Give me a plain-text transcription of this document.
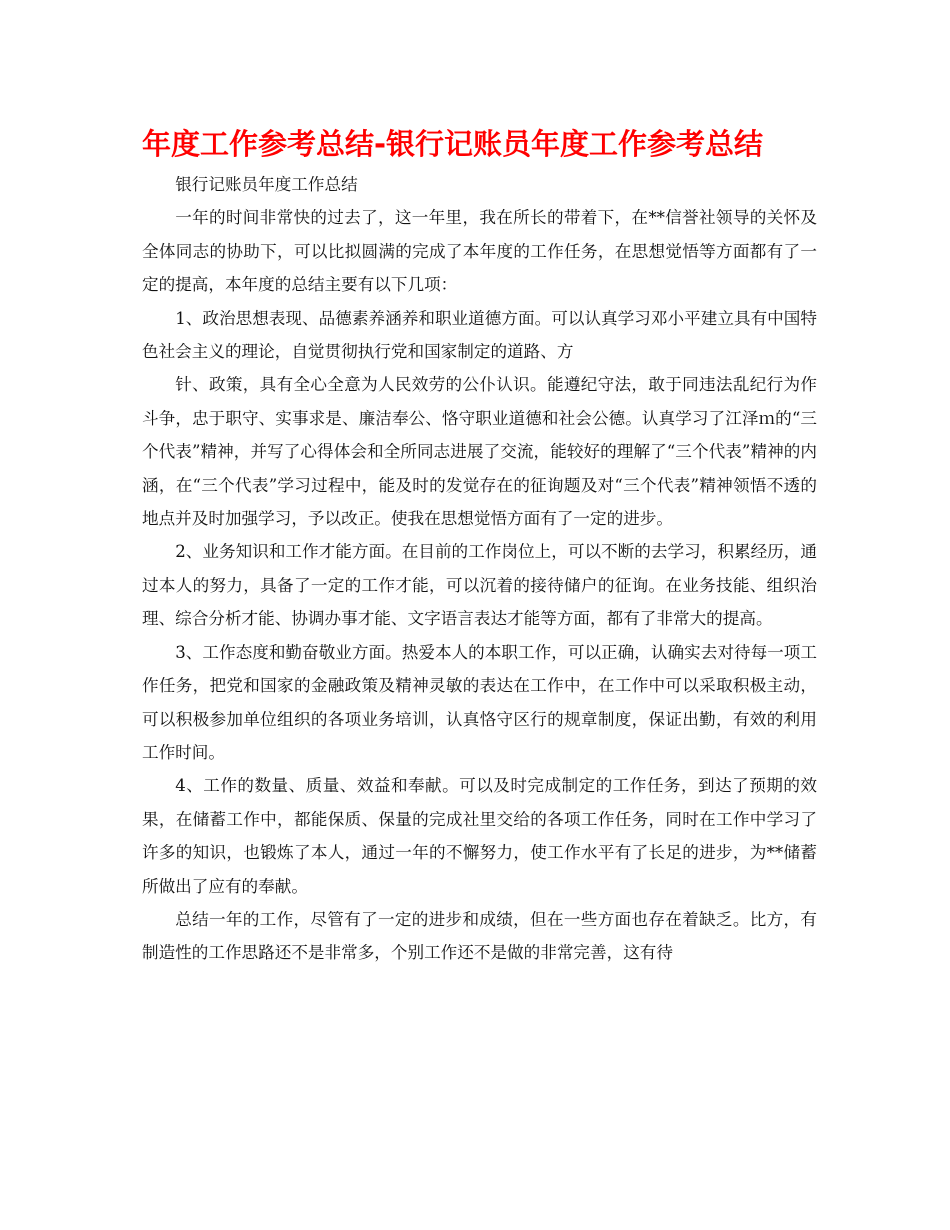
年度工作参考总结-银行记账员年度工作参考总结

银行记账员年度工作总结

一年的时间非常快的过去了，这一年里，我在所长的带着下，在**信誉社领导的关怀及全体同志的协助下，可以比拟圆满的完成了本年度的工作任务，在思想觉悟等方面都有了一定的提高，本年度的总结主要有以下几项：

1、政治思想表现、品德素养涵养和职业道德方面。可以认真学习邓小平建立具有中国特色社会主义的理论，自觉贯彻执行党和国家制定的道路、方

针、政策，具有全心全意为人民效劳的公仆认识。能遵纪守法，敢于同违法乱纪行为作斗争，忠于职守、实事求是、廉洁奉公、恪守职业道德和社会公德。认真学习了江泽ｍ的“三个代表”精神，并写了心得体会和全所同志进展了交流，能较好的理解了“三个代表”精神的内涵，在“三个代表”学习过程中，能及时的发觉存在的征询题及对“三个代表”精神领悟不透的地点并及时加强学习，予以改正。使我在思想觉悟方面有了一定的进步。

2、业务知识和工作才能方面。在目前的工作岗位上，可以不断的去学习，积累经历，通过本人的努力，具备了一定的工作才能，可以沉着的接待储户的征询。在业务技能、组织治理、综合分析才能、协调办事才能、文字语言表达才能等方面，都有了非常大的提高。

3、工作态度和勤奋敬业方面。热爱本人的本职工作，可以正确，认确实去对待每一项工作任务，把党和国家的金融政策及精神灵敏的表达在工作中，在工作中可以采取积极主动，可以积极参加单位组织的各项业务培训，认真恪守区行的规章制度，保证出勤，有效的利用工作时间。

4、工作的数量、质量、效益和奉献。可以及时完成制定的工作任务，到达了预期的效果，在储蓄工作中，都能保质、保量的完成社里交给的各项工作任务，同时在工作中学习了许多的知识，也锻炼了本人，通过一年的不懈努力，使工作水平有了长足的进步，为**储蓄所做出了应有的奉献。

总结一年的工作，尽管有了一定的进步和成绩，但在一些方面也存在着缺乏。比方，有制造性的工作思路还不是非常多，个别工作还不是做的非常完善，这有待
